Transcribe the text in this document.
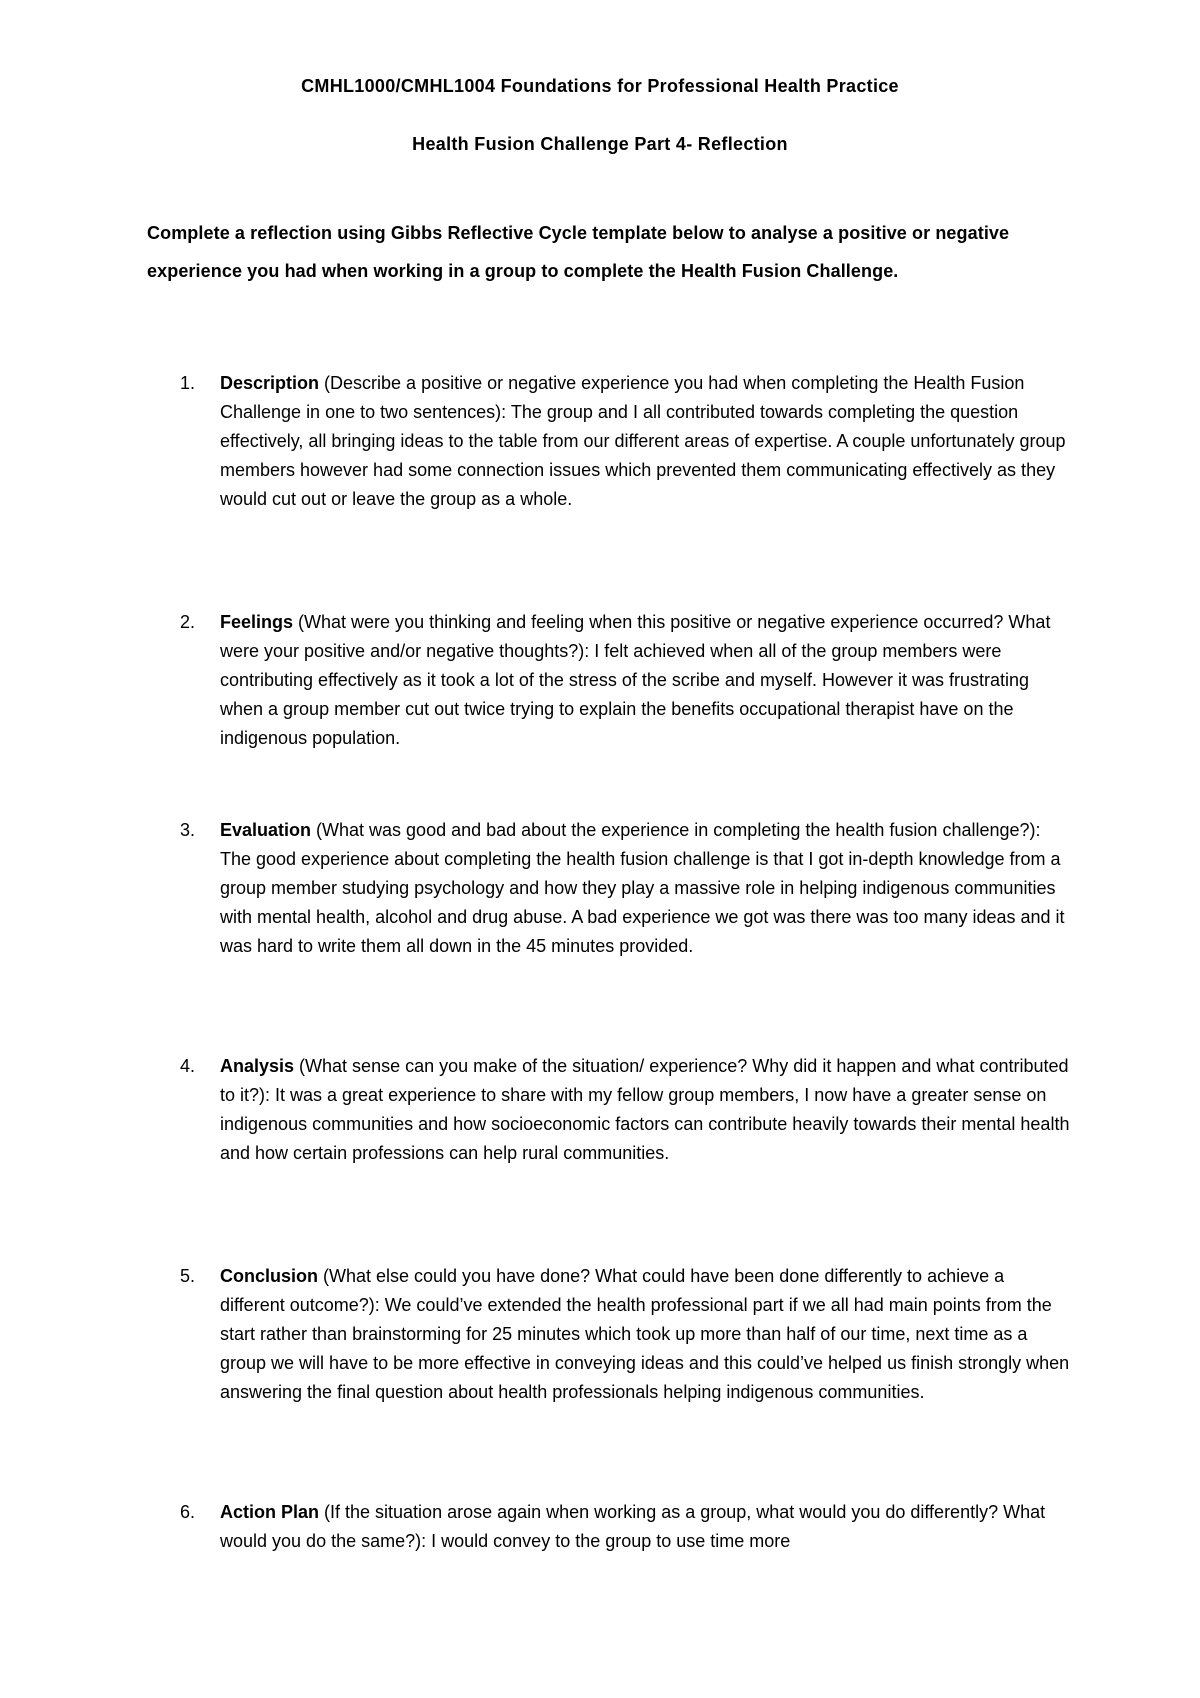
CMHL1000/CMHL1004 Foundations for Professional Health Practice
Health Fusion Challenge Part 4- Reflection
Complete a reflection using Gibbs Reflective Cycle template below to analyse a positive or negative experience you had when working in a group to complete the Health Fusion Challenge.
1.	Description (Describe a positive or negative experience you had when completing the Health Fusion Challenge in one to two sentences): The group and I all contributed towards completing the question effectively, all bringing ideas to the table from our different areas of expertise. A couple unfortunately group members however had some connection issues which prevented them communicating effectively as they would cut out or leave the group as a whole.
2.	Feelings (What were you thinking and feeling when this positive or negative experience occurred? What were your positive and/or negative thoughts?): I felt achieved when all of the group members were contributing effectively as it took a lot of the stress of the scribe and myself. However it was frustrating when a group member cut out twice trying to explain the benefits occupational therapist have on the indigenous population.
3.	Evaluation (What was good and bad about the experience in completing the health fusion challenge?): The good experience about completing the health fusion challenge is that I got in-depth knowledge from a group member studying psychology and how they play a massive role in helping indigenous communities with mental health, alcohol and drug abuse. A bad experience we got was there was too many ideas and it was hard to write them all down in the 45 minutes provided.
4.	Analysis (What sense can you make of the situation/ experience? Why did it happen and what contributed to it?): It was a great experience to share with my fellow group members, I now have a greater sense on indigenous communities and how socioeconomic factors can contribute heavily towards their mental health and how certain professions can help rural communities.
5.	Conclusion (What else could you have done? What could have been done differently to achieve a different outcome?): We could’ve extended the health professional part if we all had main points from the start rather than brainstorming for 25 minutes which took up more than half of our time, next time as a group we will have to be more effective in conveying ideas and this could’ve helped us finish strongly when answering the final question about health professionals helping indigenous communities.
6.	Action Plan (If the situation arose again when working as a group, what would you do differently? What would you do the same?): I would convey to the group to use time more
